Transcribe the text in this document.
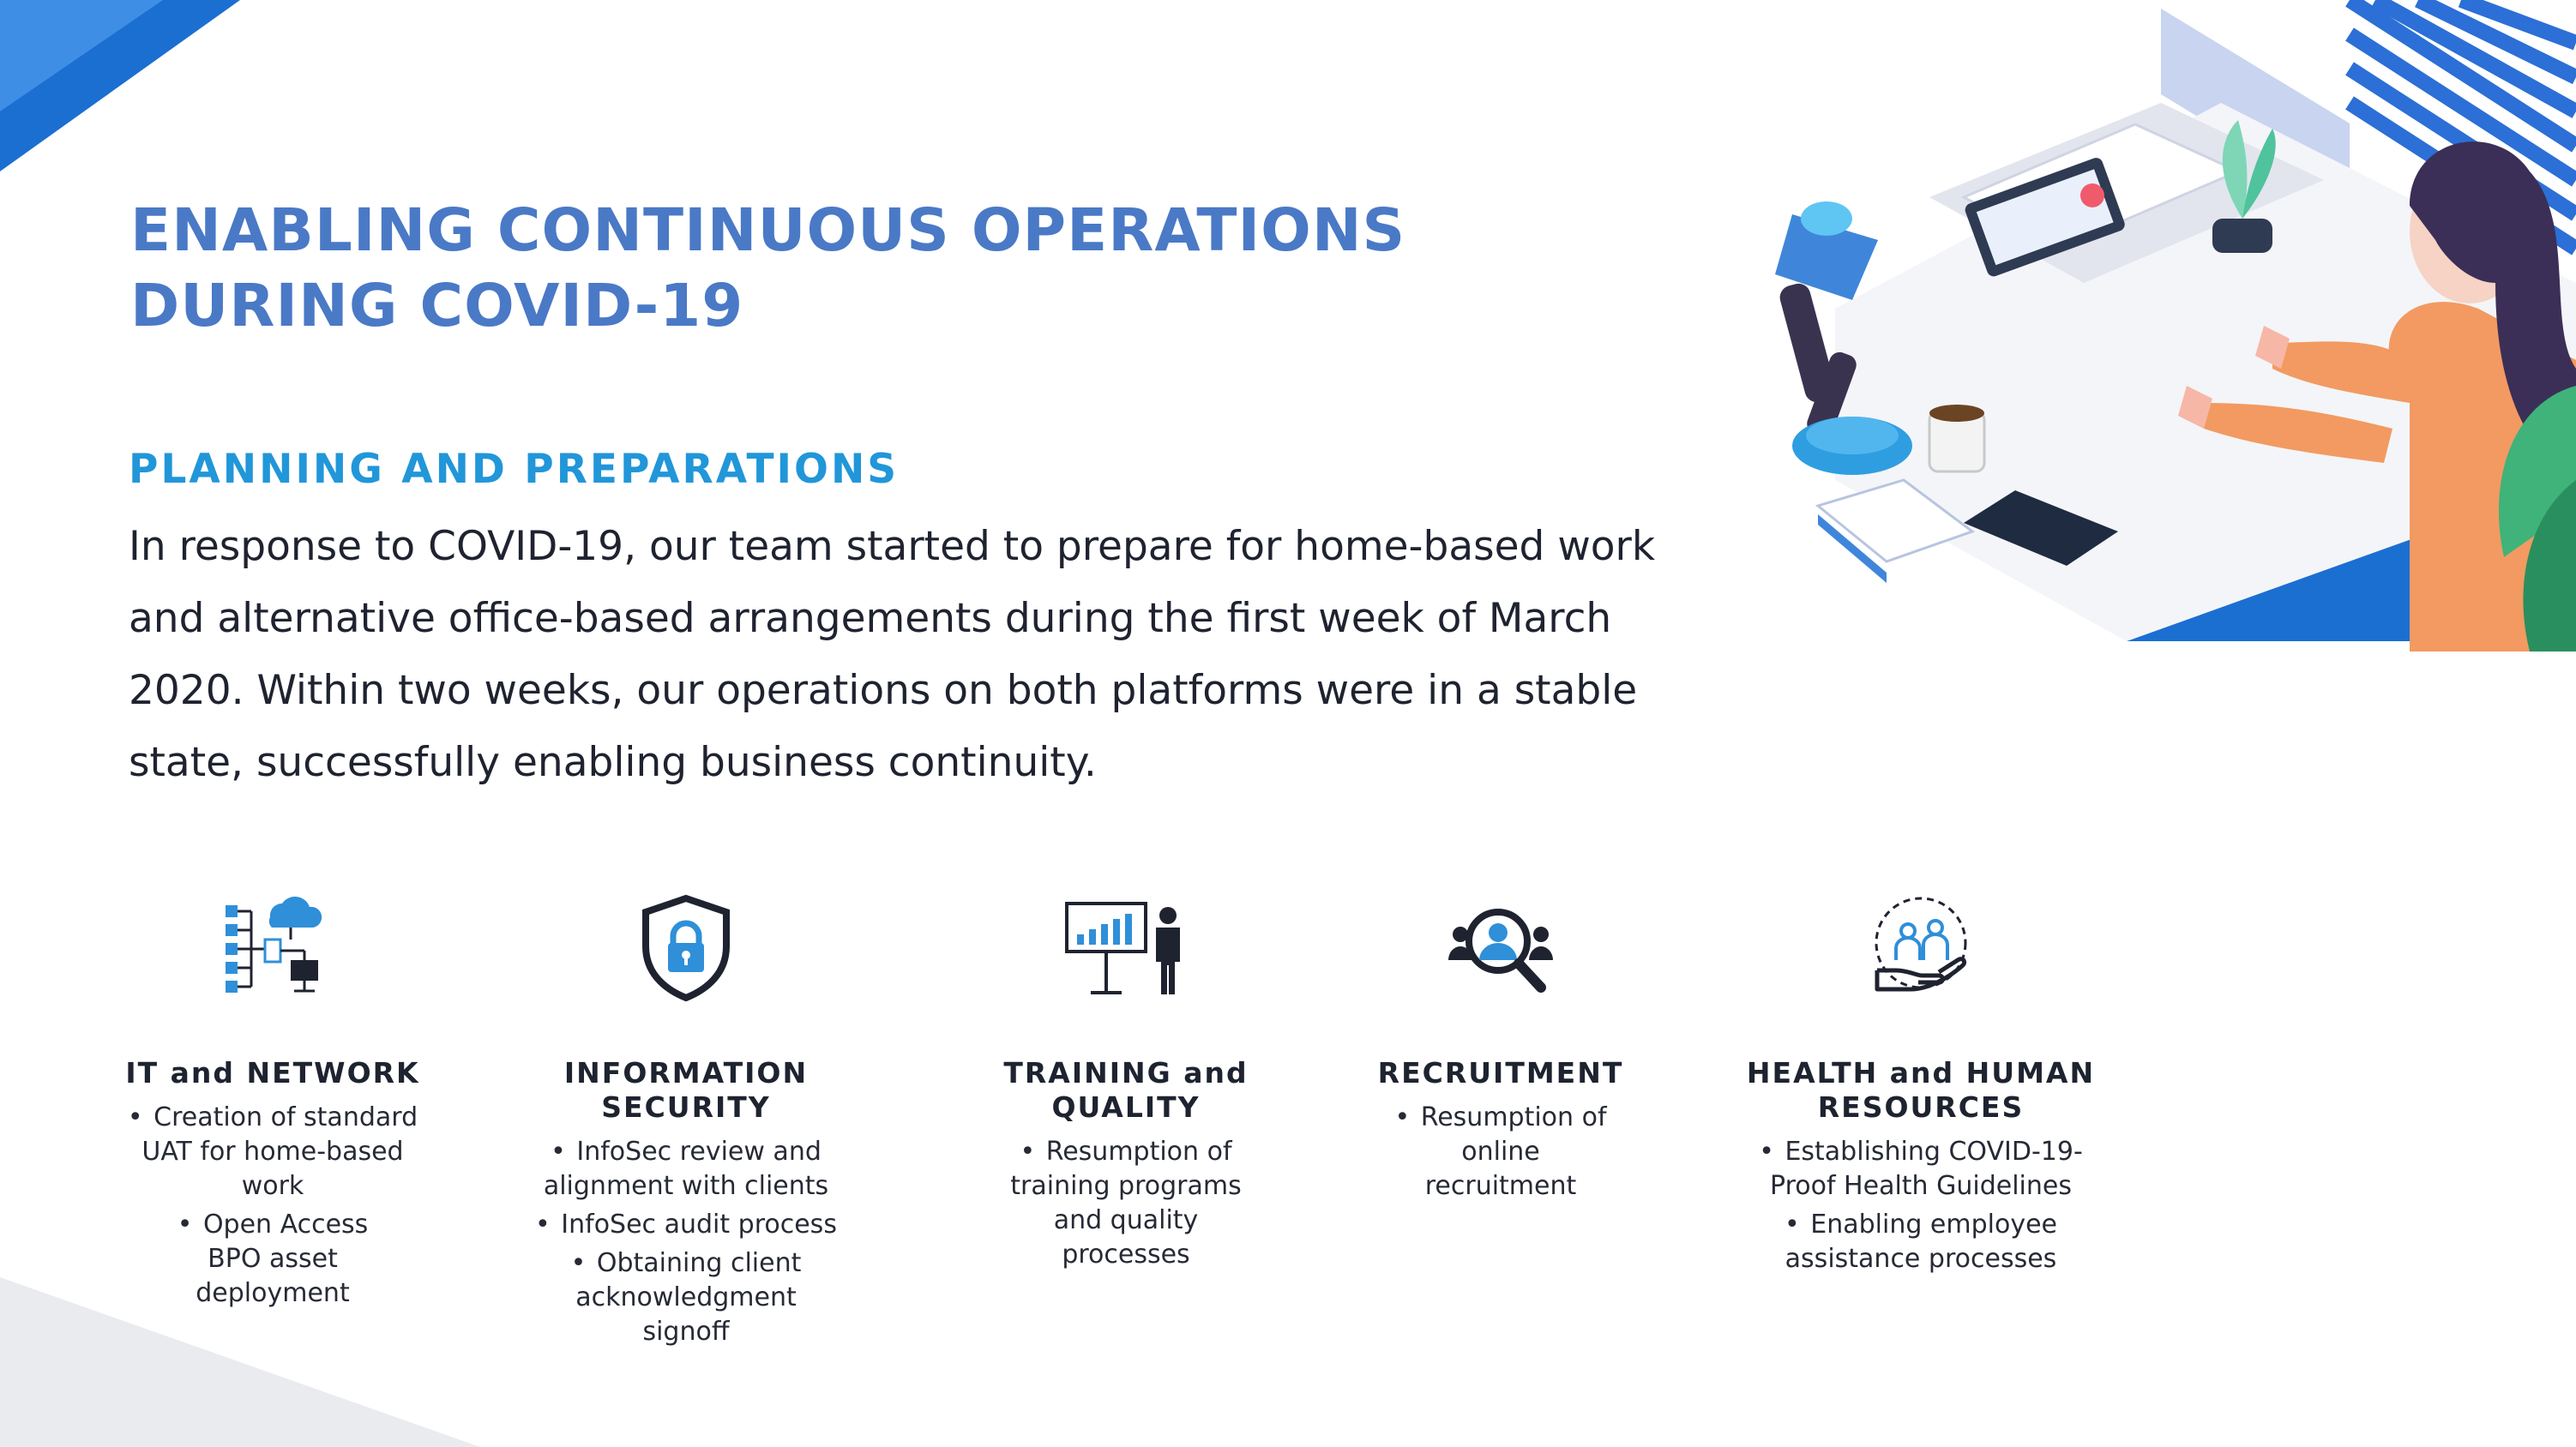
ENABLING CONTINUOUS OPERATIONS
DURING COVID-19
PLANNING AND PREPARATIONS

In response to COVID-19, our team started to prepare for home-based work
and alternative office-based arrangements during the first week of March
2020. Within two weeks, our operations on both platforms were in a stable
state, successfully enabling business continuity.

IT and NETWORK
• Creation of standard
UAT for home-based
work
• Open Access
BPO asset
deployment
INFORMATION
SECURITY
• InfoSec review and
alignment with clients
• InfoSec audit process
• Obtaining client
acknowledgment
signoff
TRAINING and
QUALITY
• Resumption of
training programs
and quality
processes
RECRUITMENT
• Resumption of
online
recruitment
HEALTH and HUMAN
RESOURCES
• Establishing COVID-19-
Proof Health Guidelines
• Enabling employee
assistance processes
